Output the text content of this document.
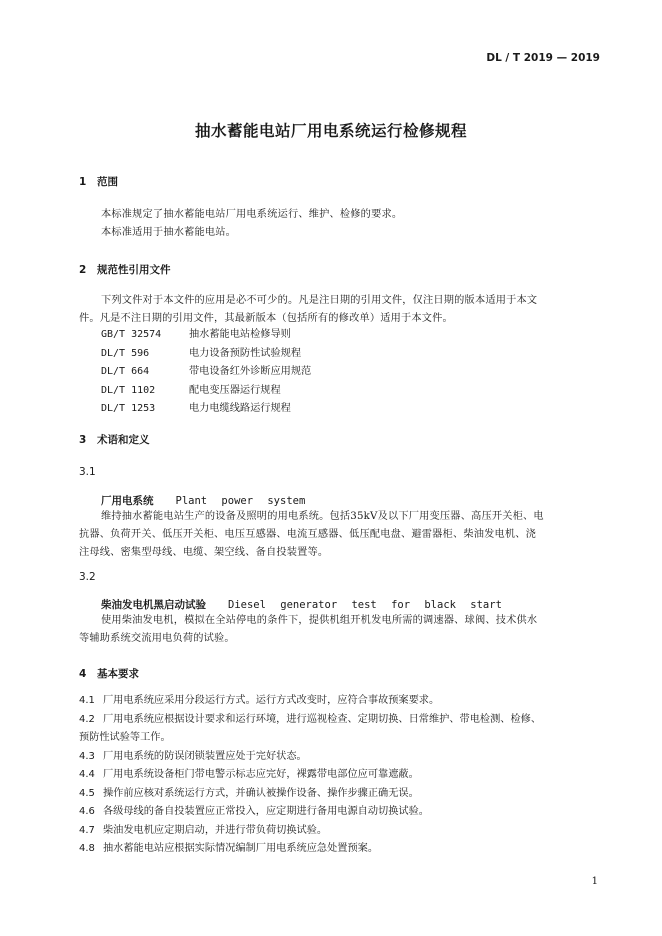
DL / T 2019 — 2019
抽水蓄能电站厂用电系统运行检修规程
1 范围

本标准规定了抽水蓄能电站厂用电系统运行、维护、检修的要求。

本标准适用于抽水蓄能电站。

2 规范性引用文件

下列文件对于本文件的应用是必不可少的。凡是注日期的引用文件，仅注日期的版本适用于本文

件。凡是不注日期的引用文件，其最新版本（包括所有的修改单）适用于本文件。

GB/T 32574	抽水蓄能电站检修导则
DL/T 596	电力设备预防性试验规程
DL/T 664	带电设备红外诊断应用规范
DL/T 1102	配电变压器运行规程
DL/T 1253	电力电缆线路运行规程
3 术语和定义
3.1
厂用电系统 Plant power system

维持抽水蓄能电站生产的设备及照明的用电系统。包括35kV及以下厂用变压器、高压开关柜、电

抗器、负荷开关、低压开关柜、电压互感器、电流互感器、低压配电盘、避雷器柜、柴油发电机、浇

注母线、密集型母线、电缆、架空线、备自投装置等。

3.2
柴油发电机黑启动试验 Diesel generator test for black start

使用柴油发电机，模拟在全站停电的条件下，提供机组开机发电所需的调速器、球阀、技术供水

等辅助系统交流用电负荷的试验。

4 基本要求
4.1 厂用电系统应采用分段运行方式。运行方式改变时，应符合事故预案要求。
4.2 厂用电系统应根据设计要求和运行环境，进行巡视检查、定期切换、日常维护、带电检测、检修、
预防性试验等工作。
4.3 厂用电系统的防误闭锁装置应处于完好状态。
4.4 厂用电系统设备柜门带电警示标志应完好，裸露带电部位应可靠遮蔽。
4.5 操作前应核对系统运行方式，并确认被操作设备、操作步骤正确无误。
4.6 各级母线的备自投装置应正常投入，应定期进行备用电源自动切换试验。
4.7 柴油发电机应定期启动，并进行带负荷切换试验。
4.8 抽水蓄能电站应根据实际情况编制厂用电系统应急处置预案。
1
